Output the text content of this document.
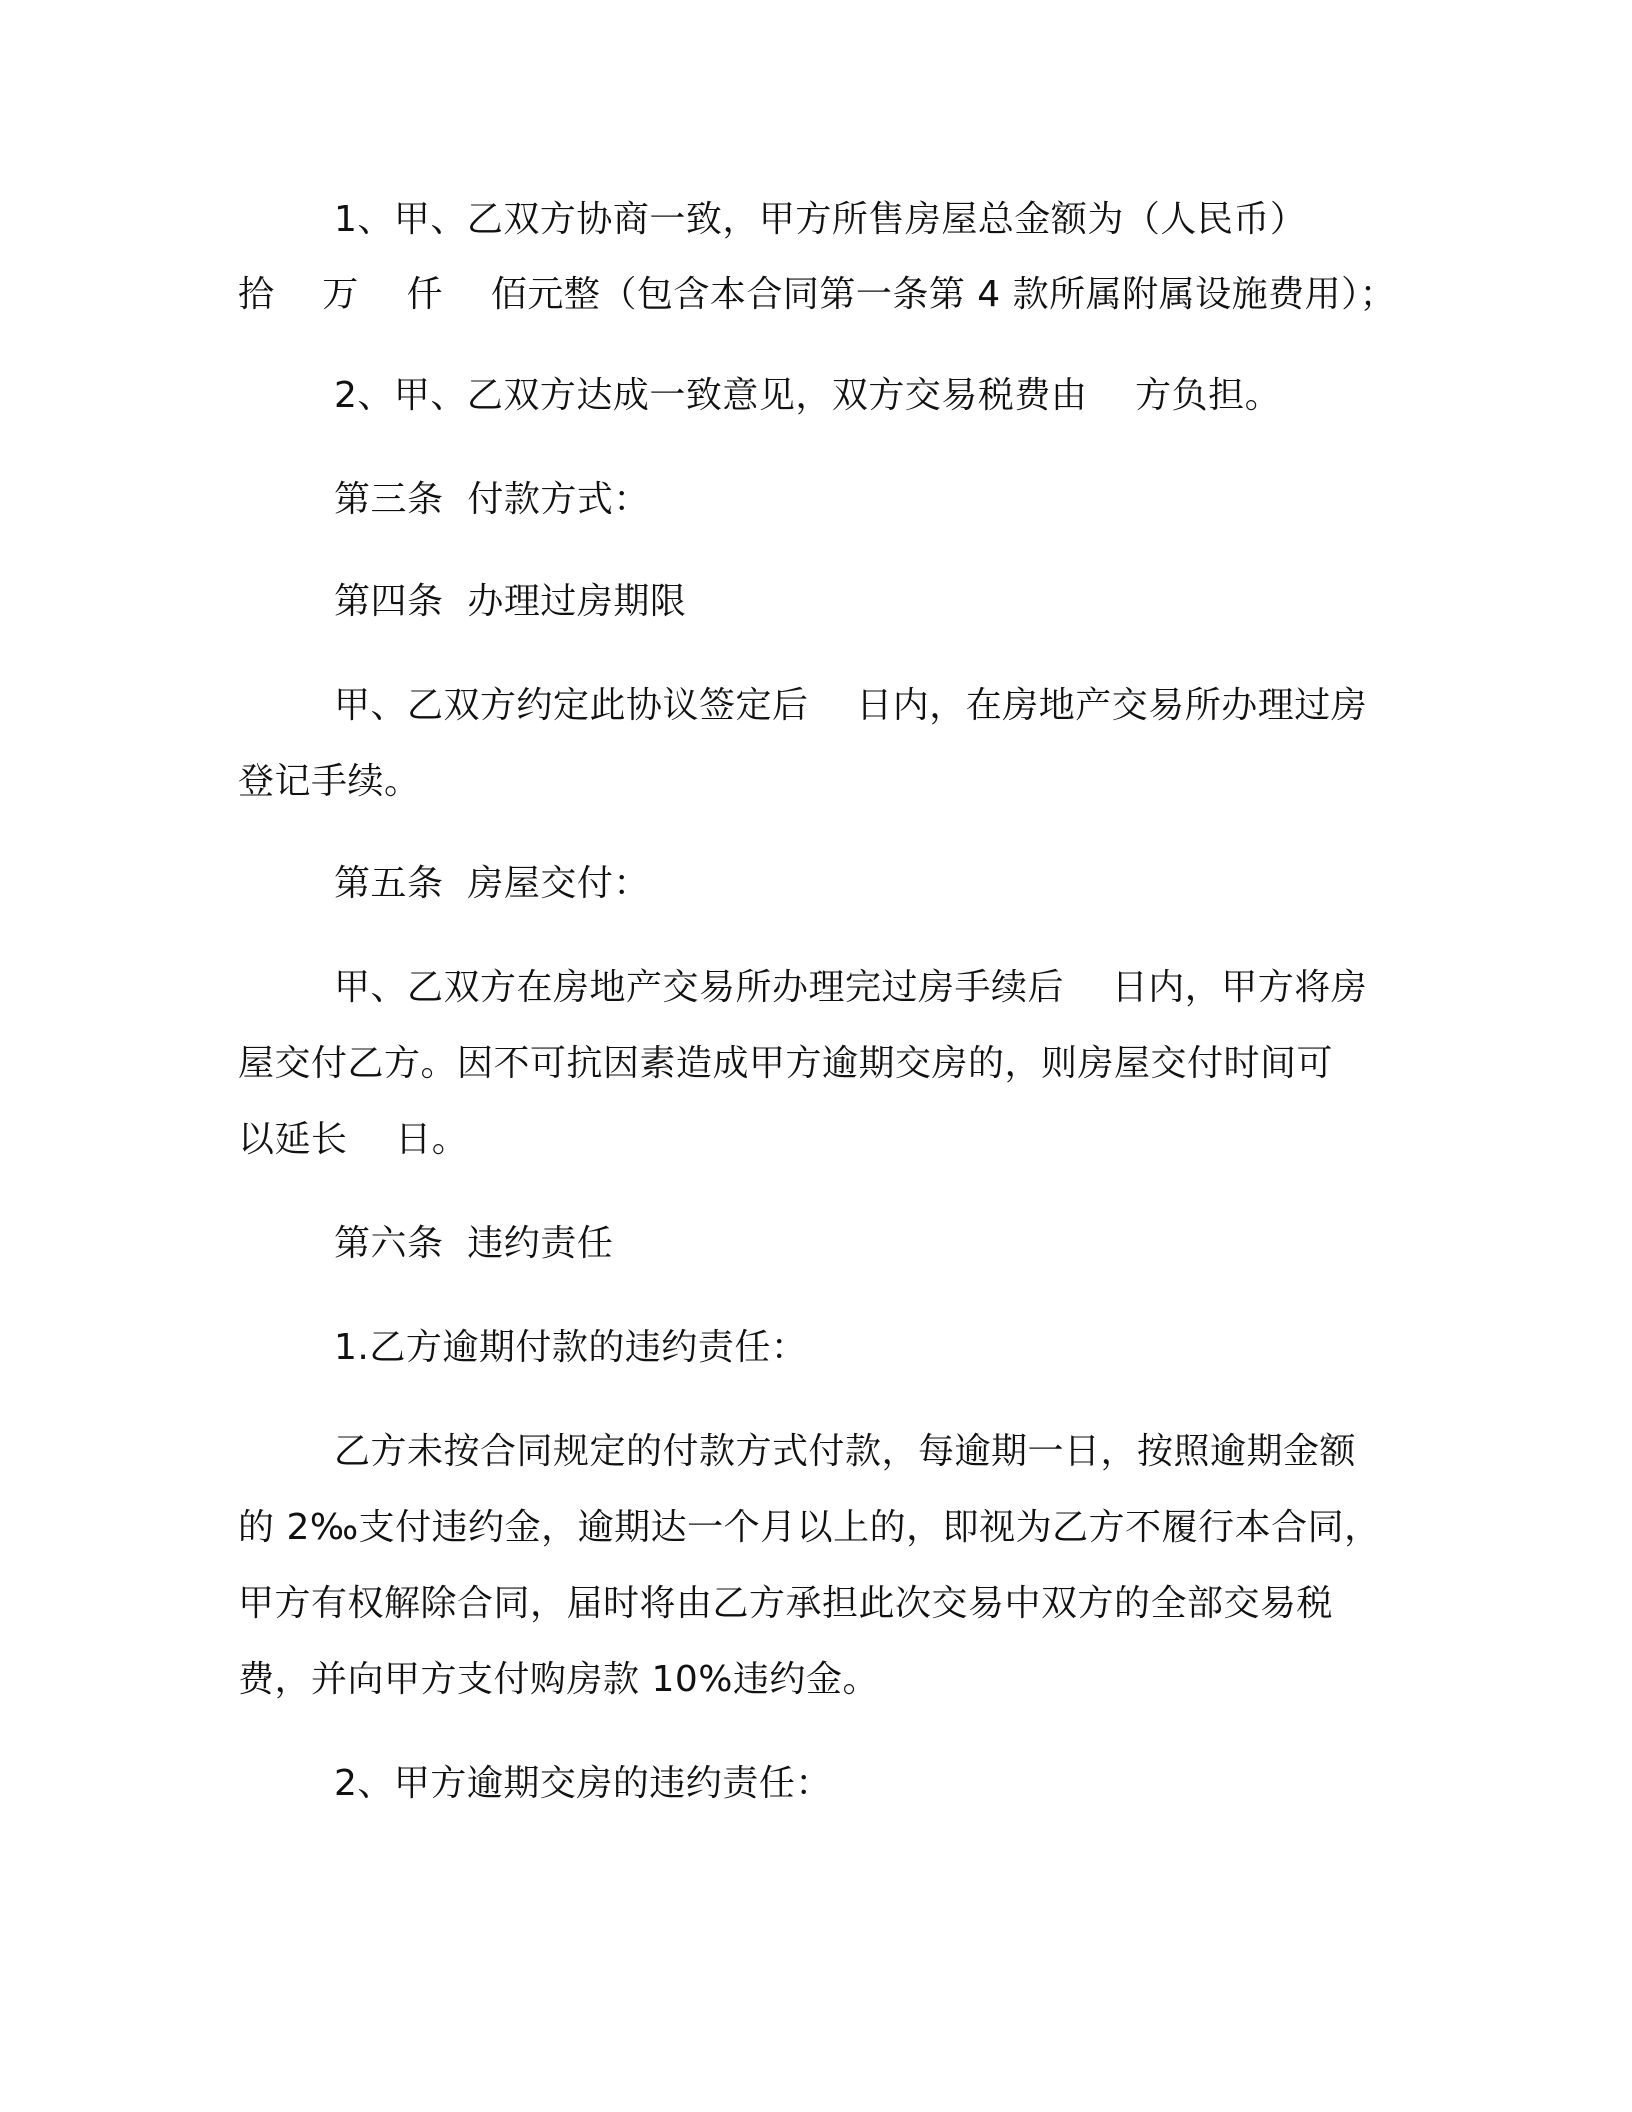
1、甲、乙双方协商一致，甲方所售房屋总金额为（人民币）
拾    万    仟    佰元整（包含本合同第一条第 4 款所属附属设施费用）；
2、甲、乙双方达成一致意见，双方交易税费由    方负担。
第三条  付款方式：
第四条  办理过房期限
甲、乙双方约定此协议签定后    日内，在房地产交易所办理过房
登记手续。
第五条  房屋交付：
甲、乙双方在房地产交易所办理完过房手续后    日内，甲方将房
屋交付乙方。因不可抗因素造成甲方逾期交房的，则房屋交付时间可
以延长    日。
第六条  违约责任
1.乙方逾期付款的违约责任：
乙方未按合同规定的付款方式付款，每逾期一日，按照逾期金额
的 2‰支付违约金，逾期达一个月以上的，即视为乙方不履行本合同，
甲方有权解除合同，届时将由乙方承担此次交易中双方的全部交易税
费，并向甲方支付购房款 10%违约金。
2、甲方逾期交房的违约责任：
